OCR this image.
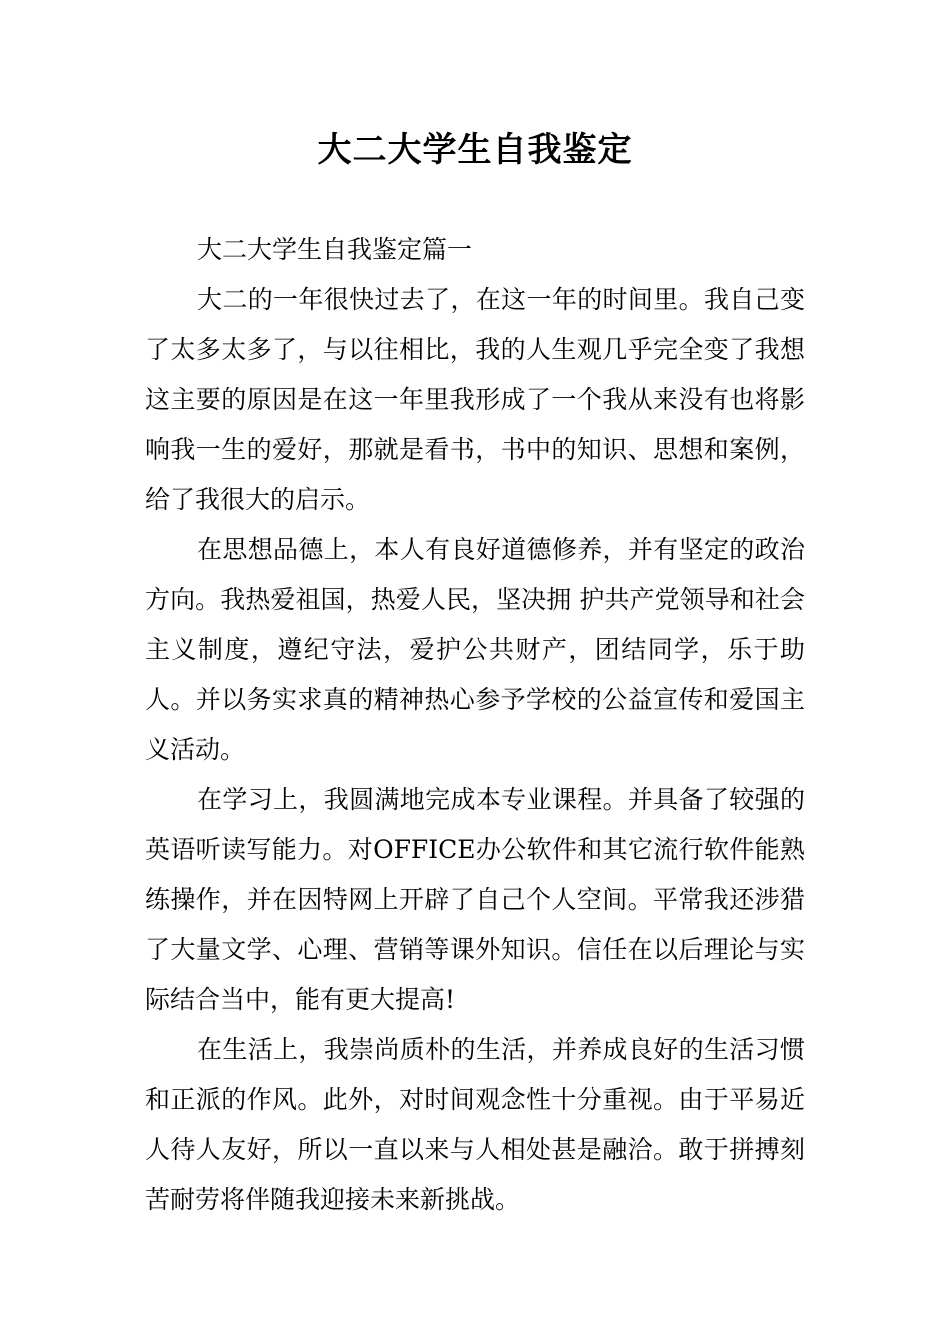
大二大学生自我鉴定

大二大学生自我鉴定篇一

大二的一年很快过去了，在这一年的时间里。我自己变了太多太多了，与以往相比，我的人生观几乎完全变了我想这主要的原因是在这一年里我形成了一个我从来没有也将影响我一生的爱好，那就是看书，书中的知识、思想和案例，给了我很大的启示。

在思想品德上，本人有良好道德修养，并有坚定的政治方向。我热爱祖国，热爱人民，坚决拥 护共产党领导和社会主义制度，遵纪守法，爱护公共财产，团结同学，乐于助人。并以务实求真的精神热心参予学校的公益宣传和爱国主义活动。

在学习上，我圆满地完成本专业课程。并具备了较强的英语听读写能力。对OFFICE办公软件和其它流行软件能熟练操作，并在因特网上开辟了自己个人空间。平常我还涉猎了大量文学、心理、营销等课外知识。信任在以后理论与实际结合当中，能有更大提高!

在生活上，我崇尚质朴的生活，并养成良好的生活习惯和正派的作风。此外，对时间观念性十分重视。由于平易近人待人友好，所以一直以来与人相处甚是融洽。敢于拼搏刻苦耐劳将伴随我迎接未来新挑战。
